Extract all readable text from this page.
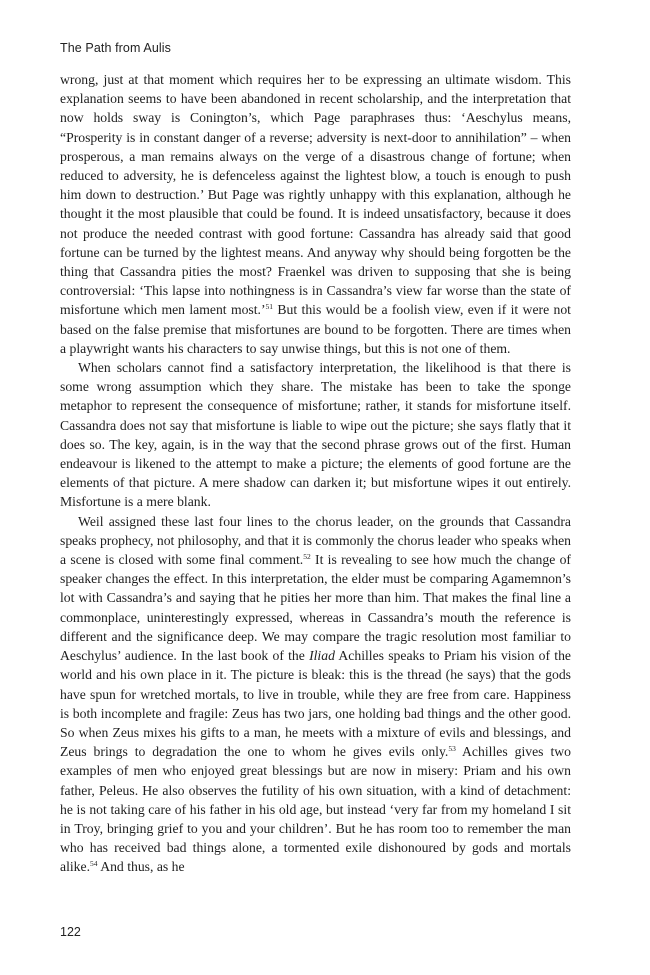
The Path from Aulis

wrong, just at that moment which requires her to be expressing an ultimate wisdom. This explanation seems to have been abandoned in recent scholarship, and the interpretation that now holds sway is Conington’s, which Page paraphrases thus: ‘Aeschylus means, “Prosperity is in constant danger of a reverse; adversity is next-door to annihilation” – when prosperous, a man remains always on the verge of a disastrous change of fortune; when reduced to adversity, he is defenceless against the lightest blow, a touch is enough to push him down to destruction.’ But Page was rightly unhappy with this explanation, although he thought it the most plausible that could be found. It is indeed unsatisfactory, because it does not produce the needed contrast with good fortune: Cassandra has already said that good fortune can be turned by the lightest means. And anyway why should being forgotten be the thing that Cassandra pities the most? Fraenkel was driven to supposing that she is being controversial: ‘This lapse into nothingness is in Cassandra’s view far worse than the state of misfortune which men lament most.’$^{51}$ But this would be a foolish view, even if it were not based on the false premise that misfortunes are bound to be forgotten. There are times when a playwright wants his characters to say unwise things, but this is not one of them.

When scholars cannot find a satisfactory interpretation, the likelihood is that there is some wrong assumption which they share. The mistake has been to take the sponge metaphor to represent the consequence of misfortune; rather, it stands for misfortune itself. Cassandra does not say that misfortune is liable to wipe out the picture; she says flatly that it does so. The key, again, is in the way that the second phrase grows out of the first. Human endeavour is likened to the attempt to make a picture; the elements of good fortune are the elements of that picture. A mere shadow can darken it; but misfortune wipes it out entirely. Misfortune is a mere blank.

Weil assigned these last four lines to the chorus leader, on the grounds that Cassandra speaks prophecy, not philosophy, and that it is commonly the chorus leader who speaks when a scene is closed with some final comment.$^{52}$ It is revealing to see how much the change of speaker changes the effect. In this interpretation, the elder must be comparing Agamemnon’s lot with Cassandra’s and saying that he pities her more than him. That makes the final line a commonplace, uninterestingly expressed, whereas in Cassandra’s mouth the reference is different and the significance deep. We may compare the tragic resolution most familiar to Aeschylus’ audience. In the last book of the Iliad Achilles speaks to Priam his vision of the world and his own place in it. The picture is bleak: this is the thread (he says) that the gods have spun for wretched mortals, to live in trouble, while they are free from care. Happiness is both incomplete and fragile: Zeus has two jars, one holding bad things and the other good. So when Zeus mixes his gifts to a man, he meets with a mixture of evils and blessings, and Zeus brings to degradation the one to whom he gives evils only.$^{53}$ Achilles gives two examples of men who enjoyed great blessings but are now in misery: Priam and his own father, Peleus. He also observes the futility of his own situation, with a kind of detachment: he is not taking care of his father in his old age, but instead ‘very far from my homeland I sit in Troy, bringing grief to you and your children’. But he has room too to remember the man who has received bad things alone, a tormented exile dishonoured by gods and mortals alike.$^{54}$ And thus, as he

122
